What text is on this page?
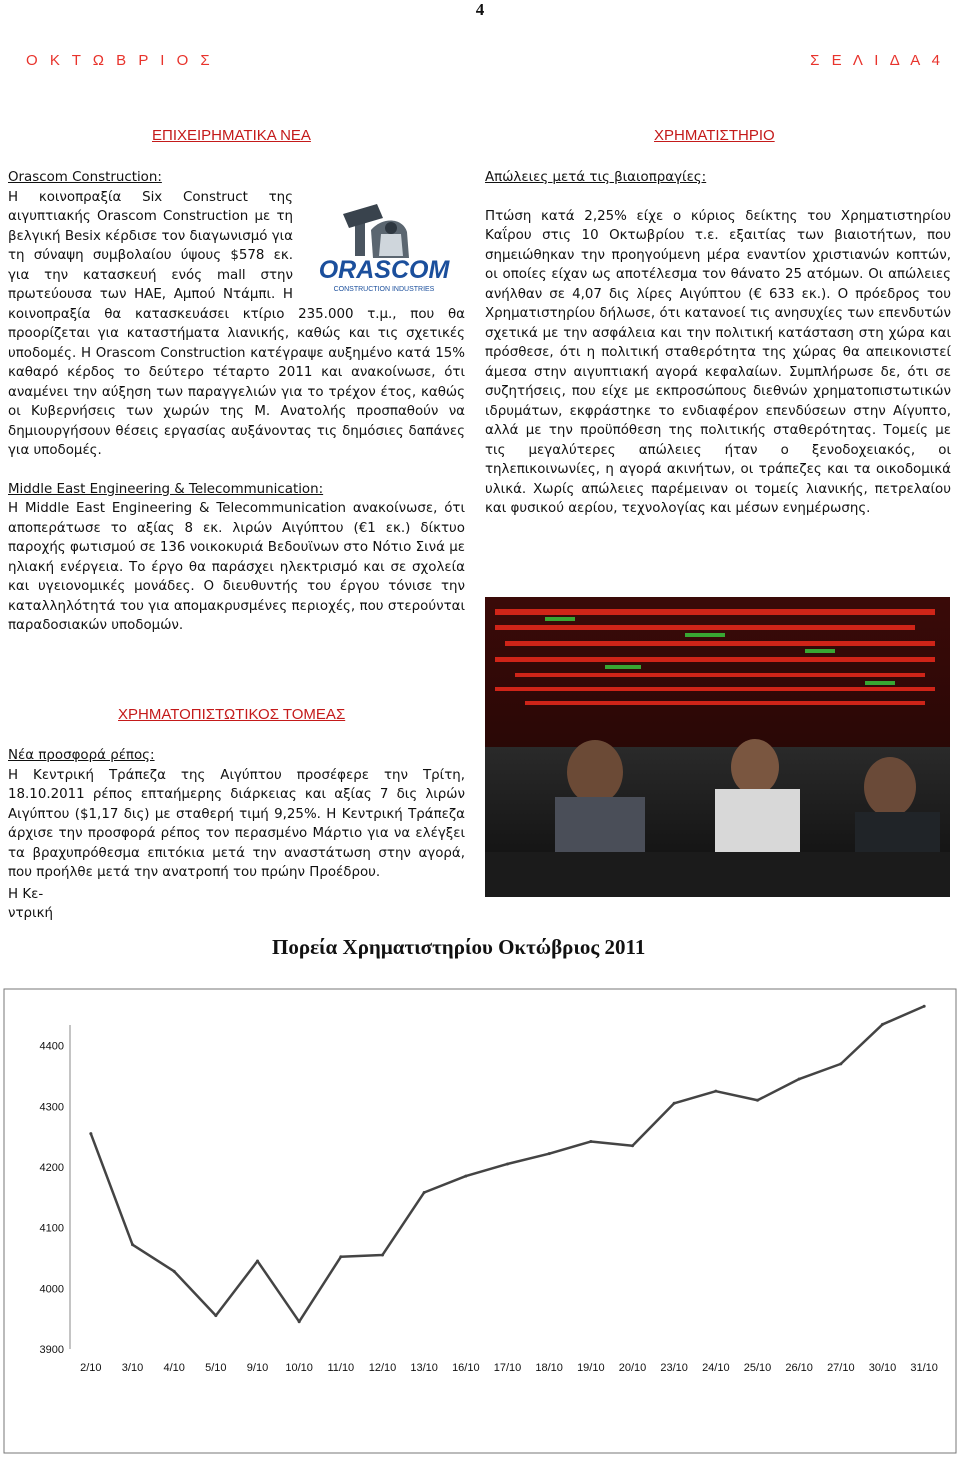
4
Ο Κ Τ Ω Β Ρ Ι Ο Σ	Σ Ε Λ Ι Δ Α 4
ΕΠΙΧΕΙΡΗΜΑΤΙΚΑ ΝΕΑ
Orascom Construction:
ORASCOM
CONSTRUCTION INDUSTRIES

Η κοινοπραξία Six Construct της αιγυπτιακής Orascom Construction με τη βελγική Besix κέρδισε τον διαγωνισμό για τη σύναψη συμβολαίου ύψους $578 εκ. για την κατασκευή ενός mall στην πρωτεύουσα των ΗΑΕ, Αμπού Ντάμπι. Η κοινοπραξία θα κατασκευάσει κτίριο 235.000 τ.μ., που θα προορίζεται για καταστήματα λιανικής, καθώς και τις σχετικές υποδομές. Η Orascom Construction κατέγραψε αυξημένο κατά 15% καθαρό κέρδος το δεύτερο τέταρτο 2011 και ανακοίνωσε, ότι αναμένει την αύξηση των παραγγελιών για το τρέχον έτος, καθώς οι Κυβερνήσεις των χωρών της Μ. Ανατολής προσπαθούν να δημιουργήσουν θέσεις εργασίας αυξάνοντας τις δημόσιες δαπάνες για υποδομές.

Middle East Engineering & Telecommunication:

Η Middle East Engineering & Telecommunication ανακοίνωσε, ότι αποπεράτωσε το αξίας 8 εκ. λιρών Αιγύπτου (€1 εκ.) δίκτυο παροχής φωτισμού σε 136 νοικοκυριά Βεδουϊνων στο Νότιο Σινά με ηλιακή ενέργεια. Το έργο θα παράσχει ηλεκτρισμό και σε σχολεία και υγειονομικές μονάδες. Ο διευθυντής του έργου τόνισε την καταλληλότητά του για απομακρυσμένες περιοχές, που στερούνται παραδοσιακών υποδομών.

ΧΡΗΜΑΤΟΠΙΣΤΩΤΙΚΟΣ ΤΟΜΕΑΣ
Νέα προσφορά ρέπος:

Η Κεντρική Τράπεζα της Αιγύπτου προσέφερε την Τρίτη, 18.10.2011 ρέπος επταήμερης διάρκειας και αξίας 7 δις λιρών Αιγύπτου ($1,17 δις) με σταθερή τιμή 9,25%. Η Κεντρική Τράπεζα άρχισε την προσφορά ρέπος τον περασμένο Μάρτιο για να ελέγξει τα βραχυπρόθεσμα επιτόκια μετά την αναστάτωση στην αγορά, που προήλθε μετά την ανατροπή του πρώην Προέδρου.

Η Κε-
ντρική
ΧΡΗΜΑΤΙΣΤΗΡΙΟ
Απώλειες μετά τις βιαιοπραγίες:

Πτώση κατά 2,25% είχε ο κύριος δείκτης του Χρηματιστηρίου Καΐρου στις 10 Οκτωβρίου τ.ε. εξαιτίας των βιαιοτήτων, που σημειώθηκαν την προηγούμενη μέρα εναντίον χριστιανών κοπτών, οι οποίες είχαν ως αποτέλεσμα τον θάνατο 25 ατόμων. Οι απώλειες ανήλθαν σε 4,07 δις λίρες Αιγύπτου (€ 633 εκ.). Ο πρόεδρος του Χρηματιστηρίου δήλωσε, ότι κατανοεί τις ανησυχίες των επενδυτών σχετικά με την ασφάλεια και την πολιτική κατάσταση στη χώρα και πρόσθεσε, ότι η πολιτική σταθερότητα της χώρας θα απεικονιστεί άμεσα στην αιγυπτιακή αγορά κεφαλαίων. Συμπλήρωσε δε, ότι σε συζητήσεις, που είχε με εκπροσώπους διεθνών χρηματοπιστωτικών ιδρυμάτων, εκφράστηκε το ενδιαφέρον επενδύσεων στην Αίγυπτο, αλλά με την προϋπόθεση της πολιτικής σταθερότητας. Τομείς με τις μεγαλύτερες απώλειες ήταν ο ξενοδοχειακός, οι τηλεπικοινωνίες, η αγορά ακινήτων, οι τράπεζες και τα οικοδομικά υλικά. Χωρίς απώλειες παρέμειναν οι τομείς λιανικής, πετρελαίου και φυσικού αερίου, τεχνολογίας και μέσων ενημέρωσης.

Πορεία Χρηματιστηρίου Οκτώβριος 2011
3900
4000
4100
4200
4300
4400
2/10 3/10 4/10 5/10 9/10 10/10 11/10 12/10 13/10 16/10 17/10 18/10 19/10 20/10 23/10 24/10 25/10 26/10 27/10 30/10 31/10
